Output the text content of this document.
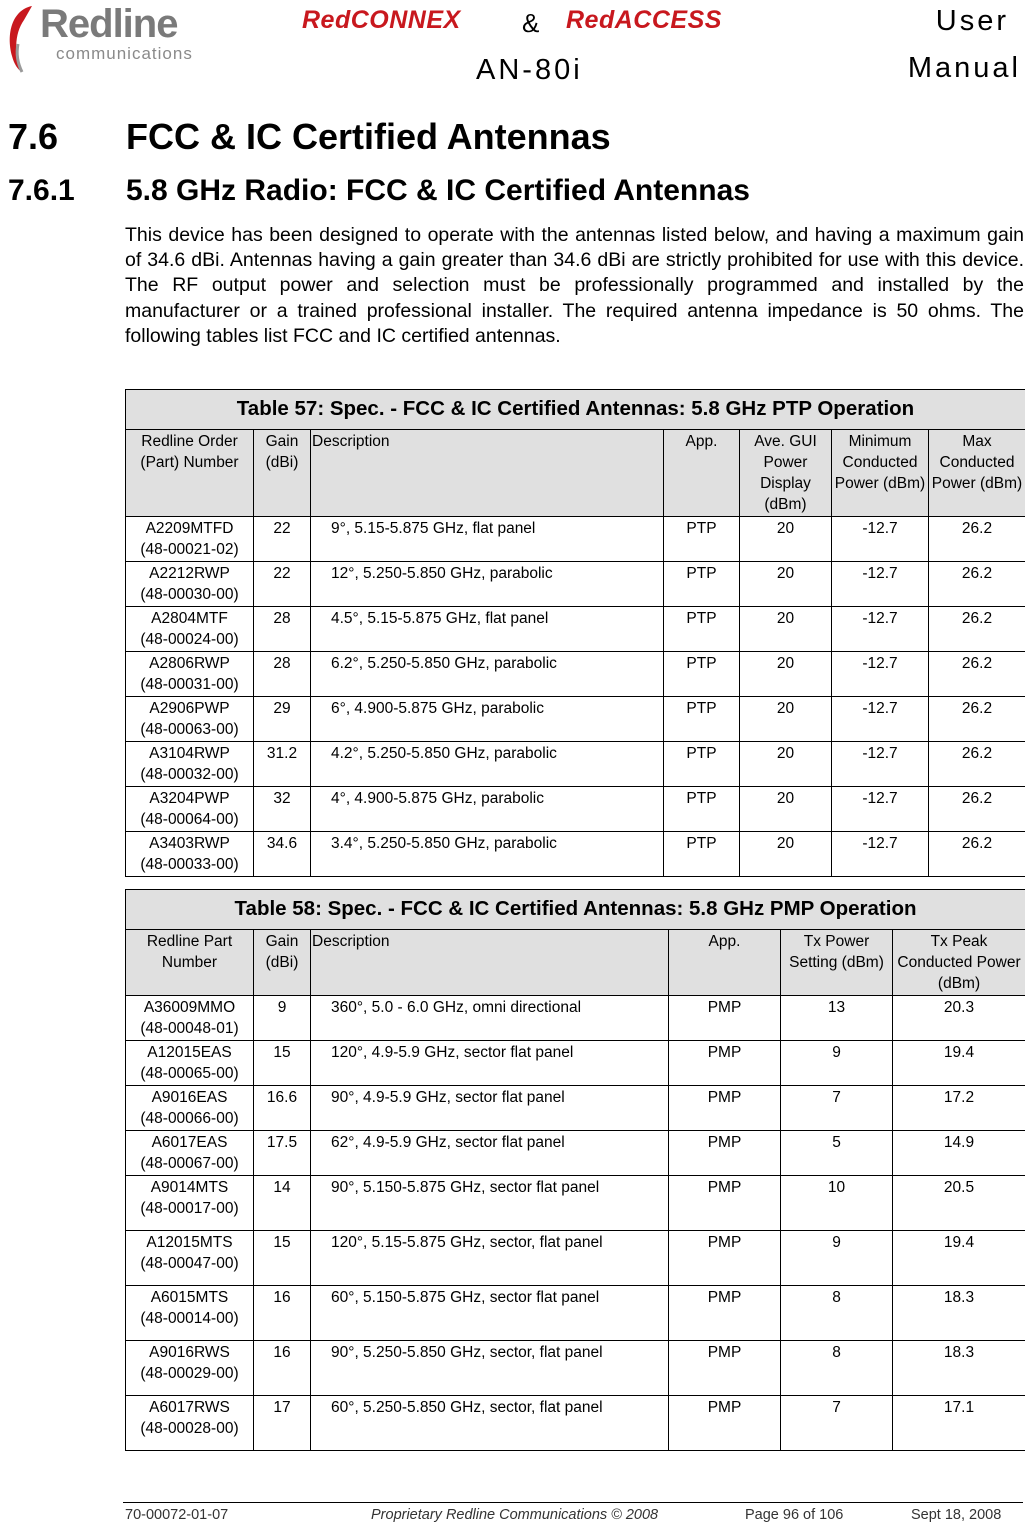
Redline
communications
RedCONNEX & RedACCESS
AN-80i
User
Manual
7.6 FCC & IC Certified Antennas
7.6.1 5.8 GHz Radio: FCC & IC Certified Antennas

This device has been designed to operate with the antennas listed below, and having a maximum gain of 34.6 dBi. Antennas having a gain greater than 34.6 dBi are strictly prohibited for use with this device. The RF output power and selection must be professionally programmed and installed by the manufacturer or a trained professional installer. The required antenna impedance is 50 ohms. The following tables list FCC and IC certified antennas.

Table 57: Spec. - FCC & IC Certified Antennas: 5.8 GHz PTP Operation						
Redline Order (Part) Number	Gain (dBi)	Description	App.	Ave. GUI Power Display (dBm)	Minimum Conducted Power (dBm)	Max Conducted Power (dBm)

A2209MTFD
(48-00021-02)	22	9°, 5.15-5.875 GHz, flat panel	PTP	20	-12.7	26.2

A2212RWP
(48-00030-00)	22	12°, 5.250-5.850 GHz, parabolic	PTP	20	-12.7	26.2

A2804MTF
(48-00024-00)	28	4.5°, 5.15-5.875 GHz, flat panel	PTP	20	-12.7	26.2

A2806RWP
(48-00031-00)	28	6.2°, 5.250-5.850 GHz, parabolic	PTP	20	-12.7	26.2

A2906PWP
(48-00063-00)	29	6°, 4.900-5.875 GHz, parabolic	PTP	20	-12.7	26.2

A3104RWP
(48-00032-00)	31.2	4.2°, 5.250-5.850 GHz, parabolic	PTP	20	-12.7	26.2

A3204PWP
(48-00064-00)	32	4°, 4.900-5.875 GHz, parabolic	PTP	20	-12.7	26.2

A3403RWP
(48-00033-00)	34.6	3.4°, 5.250-5.850 GHz, parabolic	PTP	20	-12.7	26.2
Table 58: Spec. - FCC & IC Certified Antennas: 5.8 GHz PMP Operation					
Redline Part Number	Gain (dBi)	Description	App.	Tx Power Setting (dBm)	Tx Peak Conducted Power (dBm)

A36009MMO
(48-00048-01)	9	360°, 5.0 - 6.0 GHz, omni directional	PMP	13	20.3

A12015EAS
(48-00065-00)	15	120°, 4.9-5.9 GHz, sector flat panel	PMP	9	19.4

A9016EAS
(48-00066-00)	16.6	90°, 4.9-5.9 GHz, sector flat panel	PMP	7	17.2

A6017EAS
(48-00067-00)	17.5	62°, 4.9-5.9 GHz, sector flat panel	PMP	5	14.9

A9014MTS
(48-00017-00)	14	90°, 5.150-5.875 GHz, sector flat panel	PMP	10	20.5

A12015MTS
(48-00047-00)	15	120°, 5.15-5.875 GHz, sector, flat panel	PMP	9	19.4

A6015MTS
(48-00014-00)	16	60°, 5.150-5.875 GHz, sector flat panel	PMP	8	18.3

A9016RWS
(48-00029-00)	16	90°, 5.250-5.850 GHz, sector, flat panel	PMP	8	18.3

A6017RWS
(48-00028-00)	17	60°, 5.250-5.850 GHz, sector, flat panel	PMP	7	17.1
70-00072-01-07	Proprietary Redline Communications © 2008	Page 96 of 106	Sept 18, 2008
